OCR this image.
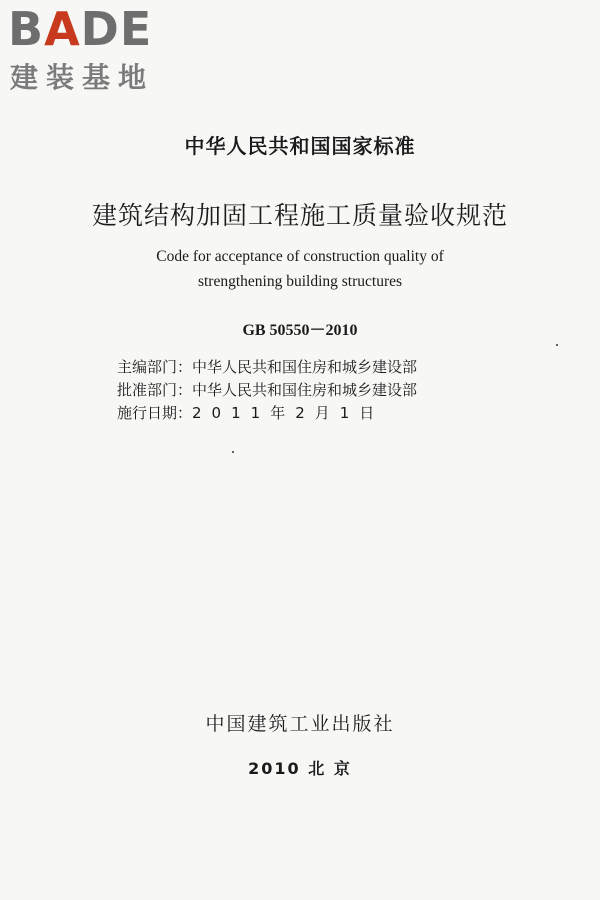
BADE
建装基地
中华人民共和国国家标准
建筑结构加固工程施工质量验收规范
Code for acceptance of construction quality of
strengthening building structures
GB 50550－2010
主编部门：中华人民共和国住房和城乡建设部
批准部门：中华人民共和国住房和城乡建设部
施行日期：2011年2月1日
中国建筑工业出版社
2010 北 京
